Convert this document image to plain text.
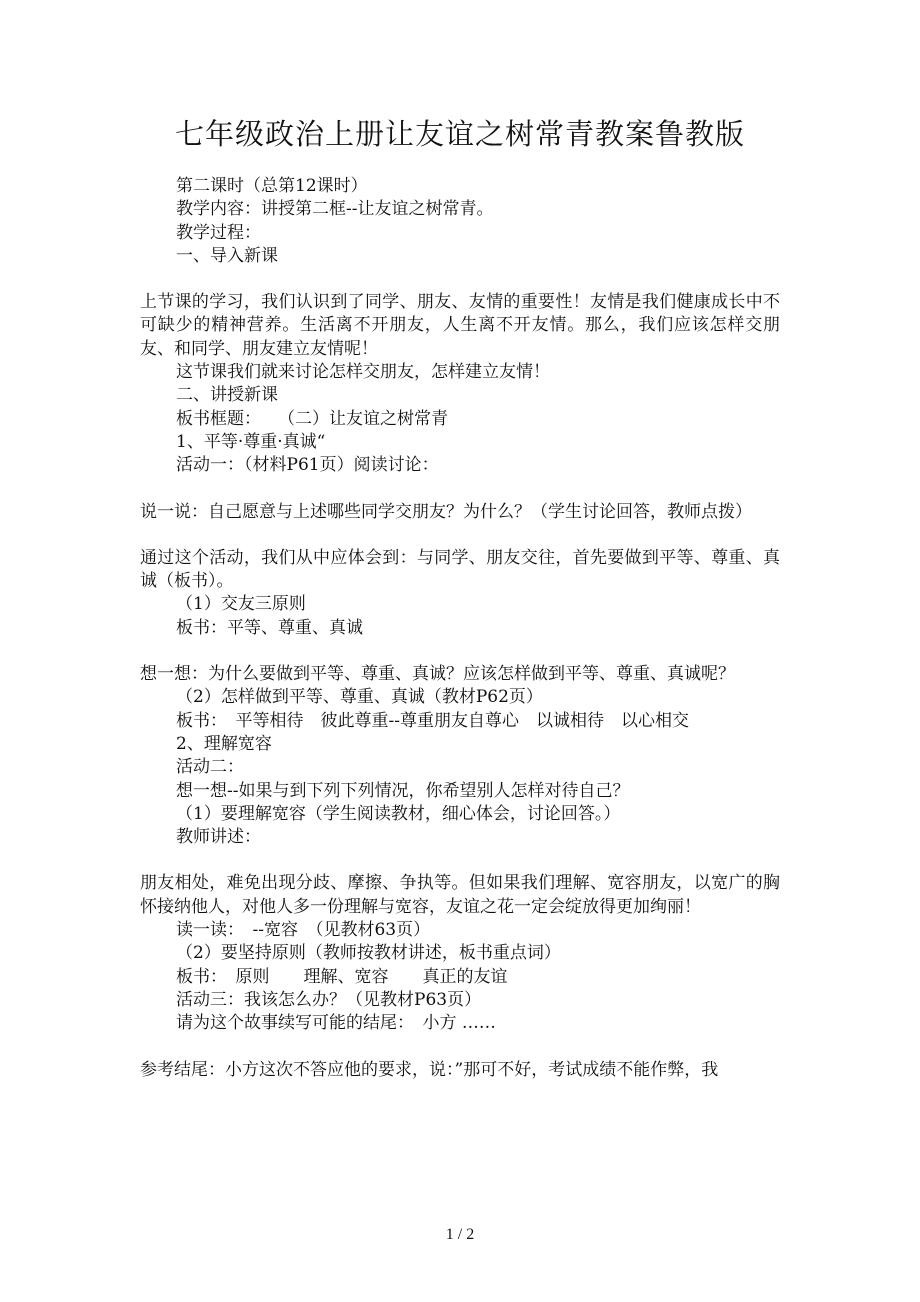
七年级政治上册让友谊之树常青教案鲁教版

第二课时（总第12课时）

教学内容：讲授第二框--让友谊之树常青。

教学过程：

一、导入新课

上节课的学习，我们认识到了同学、朋友、友情的重要性！友情是我们健康成长中不可缺少的精神营养。生活离不开朋友，人生离不开友情。那么，我们应该怎样交朋友、和同学、朋友建立友情呢！

这节课我们就来讨论怎样交朋友，怎样建立友情！

二、讲授新课

板书框题：　　（二）让友谊之树常青

1、平等·尊重·真诚“

活动一：（材料P61页）阅读讨论：

说一说：自己愿意与上述哪些同学交朋友？为什么？（学生讨论回答，教师点拨）

通过这个活动，我们从中应体会到：与同学、朋友交往，首先要做到平等、尊重、真诚（板书）。

（1）交友三原则

板书：平等、尊重、真诚

想一想：为什么要做到平等、尊重、真诚？应该怎样做到平等、尊重、真诚呢？

（2）怎样做到平等、尊重、真诚（教材P62页）

板书：　平等相待　彼此尊重--尊重朋友自尊心　以诚相待　以心相交

2、理解宽容

活动二：

想一想--如果与到下列下列情况，你希望别人怎样对待自己？

（1）要理解宽容（学生阅读教材，细心体会，讨论回答。）

教师讲述：

朋友相处，难免出现分歧、摩擦、争执等。但如果我们理解、宽容朋友，以宽广的胸怀接纳他人，对他人多一份理解与宽容，友谊之花一定会绽放得更加绚丽！

读一读：　--宽容　（见教材63页）

（2）要坚持原则（教师按教材讲述，板书重点词）

板书：　原则　　理解、宽容　　真正的友谊

活动三：我该怎么办？（见教材P63页）

请为这个故事续写可能的结尾：　小方 ……

参考结尾：小方这次不答应他的要求，说：”那可不好，考试成绩不能作弊，我

1 / 2
